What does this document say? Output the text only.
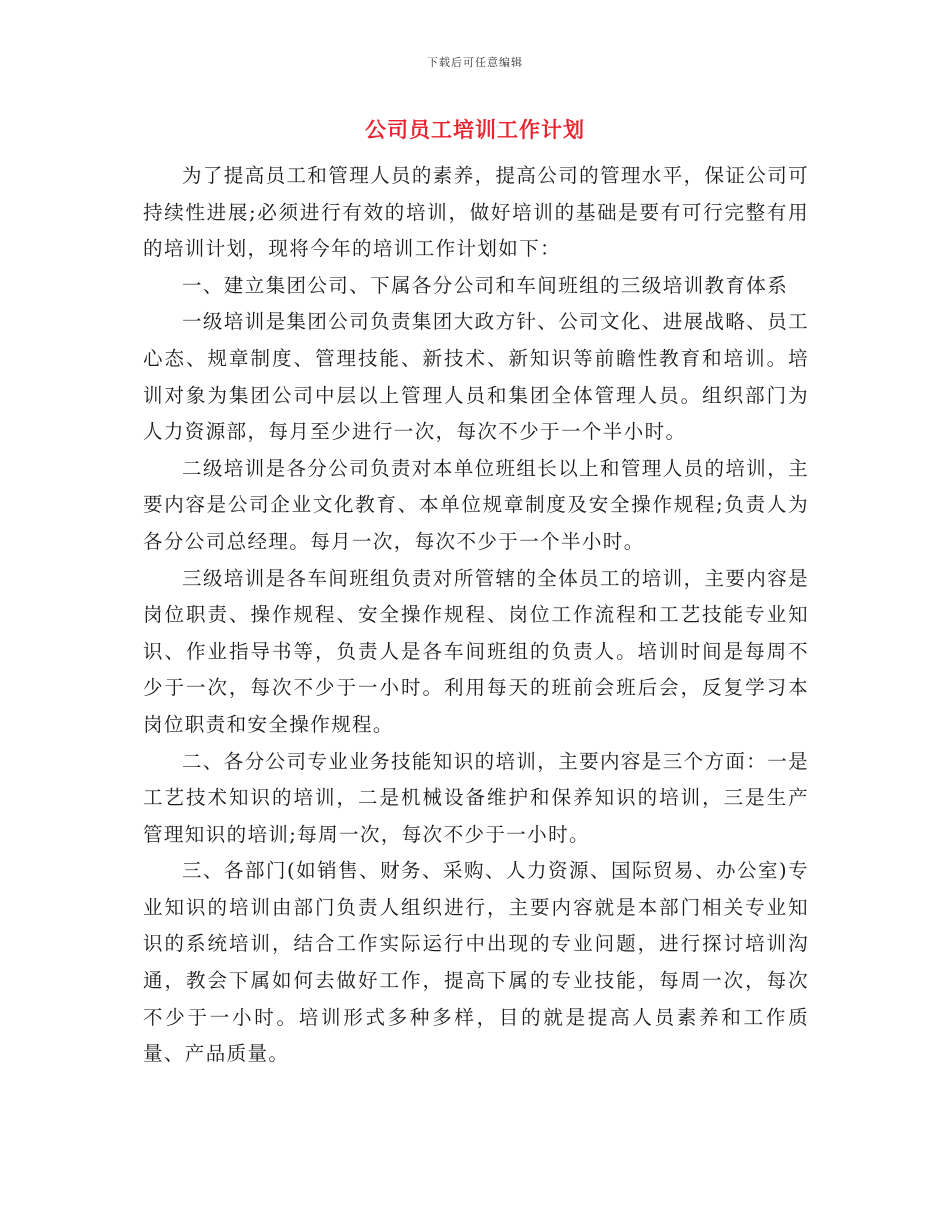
下载后可任意编辑
公司员工培训工作计划

为了提高员工和管理人员的素养，提高公司的管理水平，保证公司可持续性进展;必须进行有效的培训，做好培训的基础是要有可行完整有用的培训计划，现将今年的培训工作计划如下：

一、建立集团公司、下属各分公司和车间班组的三级培训教育体系

一级培训是集团公司负责集团大政方针、公司文化、进展战略、员工心态、规章制度、管理技能、新技术、新知识等前瞻性教育和培训。培训对象为集团公司中层以上管理人员和集团全体管理人员。组织部门为人力资源部，每月至少进行一次，每次不少于一个半小时。

二级培训是各分公司负责对本单位班组长以上和管理人员的培训，主要内容是公司企业文化教育、本单位规章制度及安全操作规程;负责人为各分公司总经理。每月一次，每次不少于一个半小时。

三级培训是各车间班组负责对所管辖的全体员工的培训，主要内容是岗位职责、操作规程、安全操作规程、岗位工作流程和工艺技能专业知识、作业指导书等，负责人是各车间班组的负责人。培训时间是每周不少于一次，每次不少于一小时。利用每天的班前会班后会，反复学习本岗位职责和安全操作规程。

二、各分公司专业业务技能知识的培训，主要内容是三个方面：一是工艺技术知识的培训，二是机械设备维护和保养知识的培训，三是生产管理知识的培训;每周一次，每次不少于一小时。

三、各部门(如销售、财务、采购、人力资源、国际贸易、办公室)专业知识的培训由部门负责人组织进行，主要内容就是本部门相关专业知识的系统培训，结合工作实际运行中出现的专业问题，进行探讨培训沟通，教会下属如何去做好工作，提高下属的专业技能，每周一次，每次不少于一小时。培训形式多种多样，目的就是提高人员素养和工作质量、产品质量。
